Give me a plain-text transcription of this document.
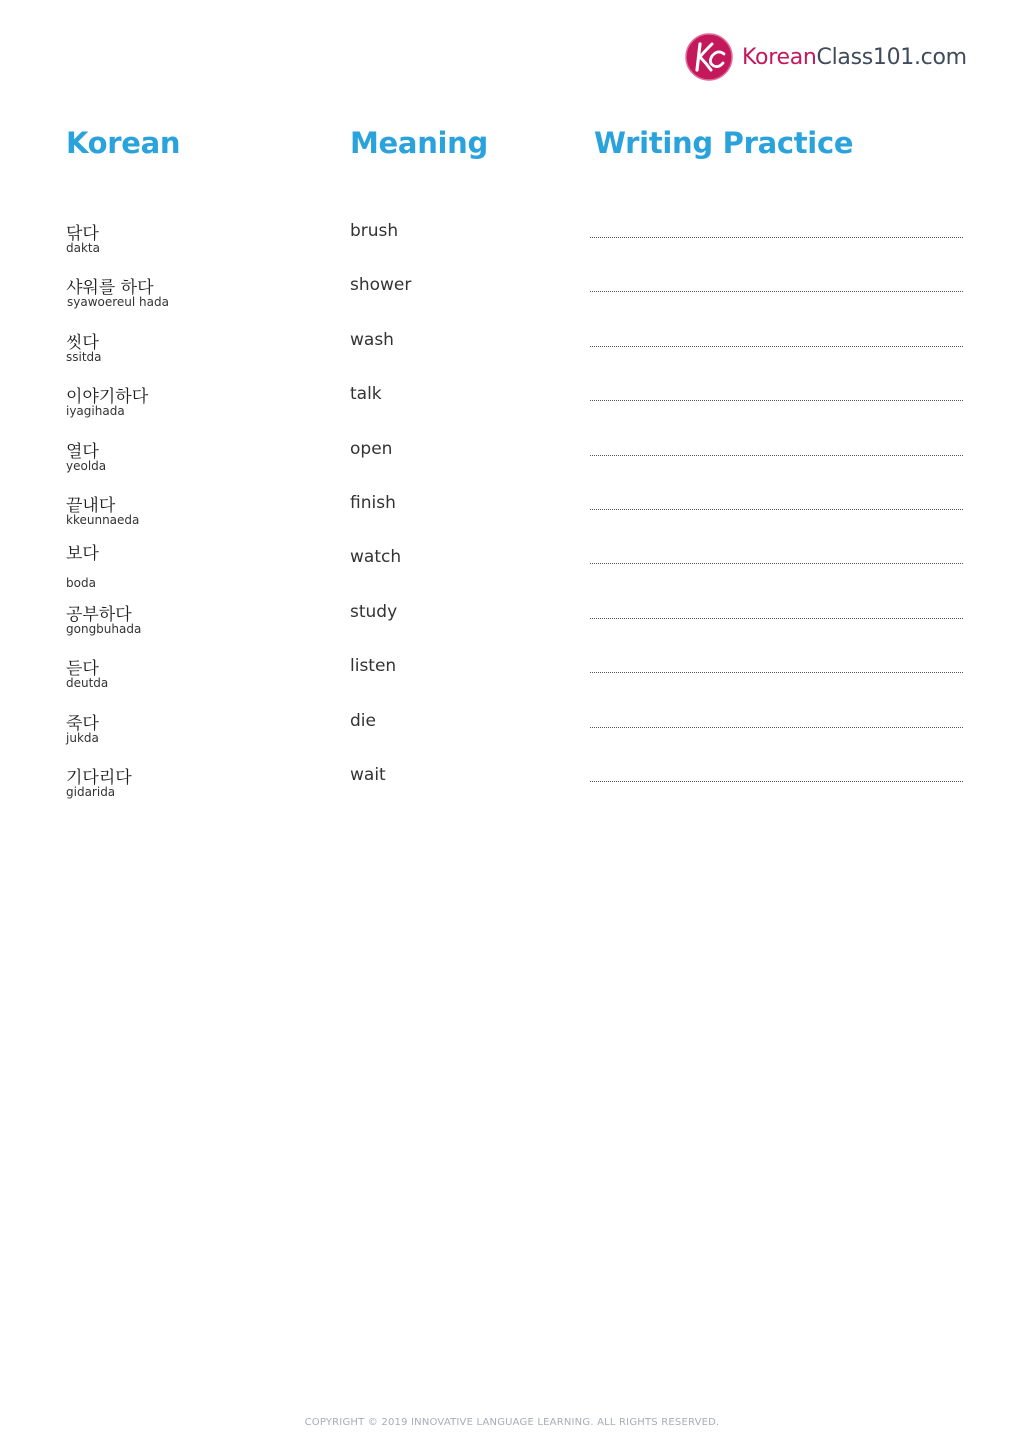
KoreanClass101.com
Korean	Meaning	Writing Practice
닦다
dakta
brush
샤워를 하다
syawoereul hada
shower
씻다
ssitda
wash
이야기하다
iyagihada
talk
열다
yeolda
open
끝내다
kkeunnaeda
finish
보다
boda
watch
공부하다
gongbuhada
study
듣다
deutda
listen
죽다
jukda
die
기다리다
gidarida
wait
COPYRIGHT © 2019 INNOVATIVE LANGUAGE LEARNING. ALL RIGHTS RESERVED.
